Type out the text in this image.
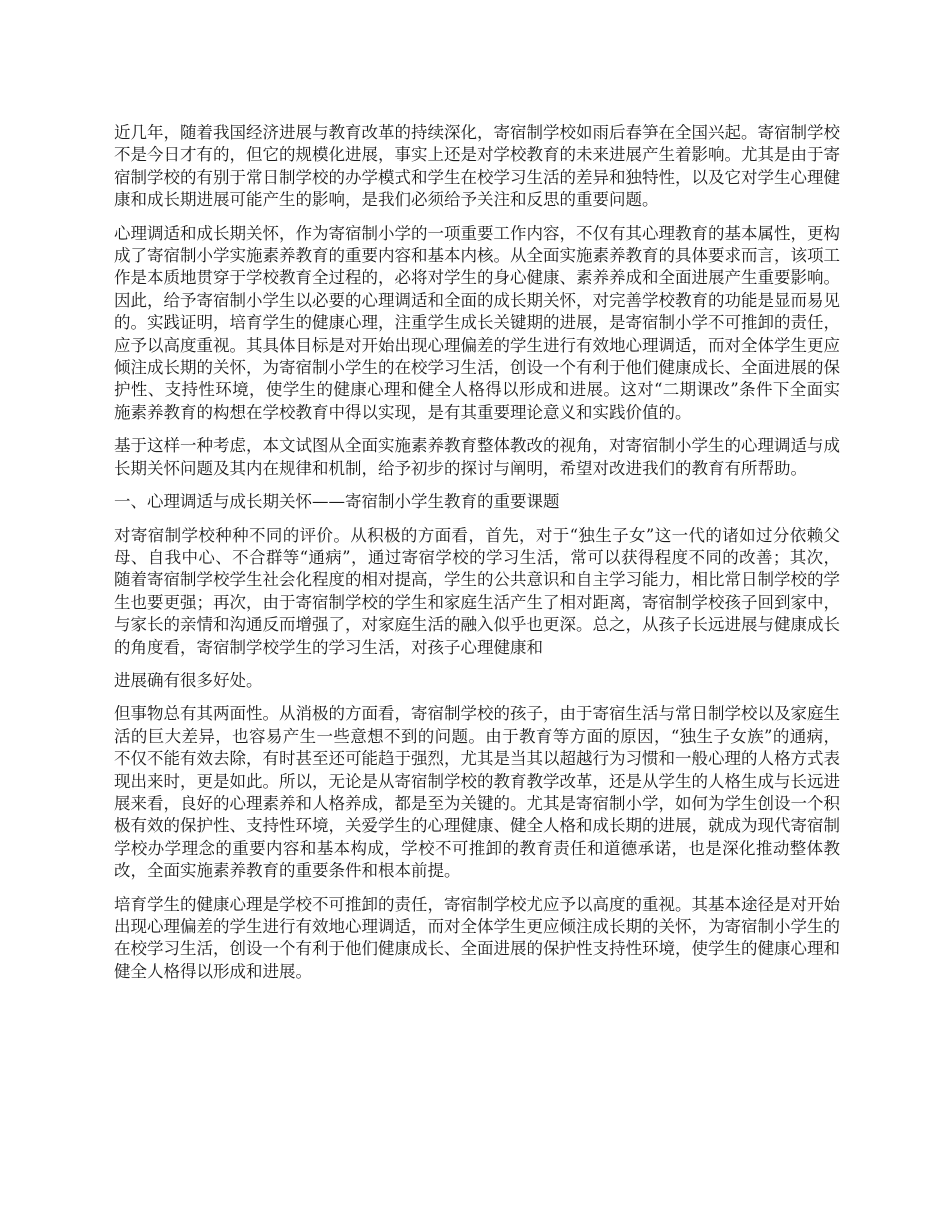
近几年，随着我国经济进展与教育改革的持续深化，寄宿制学校如雨后春笋在全国兴起。寄宿制学校不是今日才有的，但它的规模化进展，事实上还是对学校教育的未来进展产生着影响。尤其是由于寄宿制学校的有别于常日制学校的办学模式和学生在校学习生活的差异和独特性，以及它对学生心理健康和成长期进展可能产生的影响，是我们必须给予关注和反思的重要问题。

心理调适和成长期关怀，作为寄宿制小学的一项重要工作内容，不仅有其心理教育的基本属性，更构成了寄宿制小学实施素养教育的重要内容和基本内核。从全面实施素养教育的具体要求而言，该项工作是本质地贯穿于学校教育全过程的，必将对学生的身心健康、素养养成和全面进展产生重要影响。因此，给予寄宿制小学生以必要的心理调适和全面的成长期关怀，对完善学校教育的功能是显而易见的。实践证明，培育学生的健康心理，注重学生成长关键期的进展，是寄宿制小学不可推卸的责任，应予以高度重视。其具体目标是对开始出现心理偏差的学生进行有效地心理调适，而对全体学生更应倾注成长期的关怀，为寄宿制小学生的在校学习生活，创设一个有利于他们健康成长、全面进展的保护性、支持性环境，使学生的健康心理和健全人格得以形成和进展。这对“二期课改”条件下全面实施素养教育的构想在学校教育中得以实现，是有其重要理论意义和实践价值的。

基于这样一种考虑，本文试图从全面实施素养教育整体教改的视角，对寄宿制小学生的心理调适与成长期关怀问题及其内在规律和机制，给予初步的探讨与阐明，希望对改进我们的教育有所帮助。

一、心理调适与成长期关怀——寄宿制小学生教育的重要课题

对寄宿制学校种种不同的评价。从积极的方面看，首先，对于“独生子女”这一代的诸如过分依赖父母、自我中心、不合群等“通病”，通过寄宿学校的学习生活，常可以获得程度不同的改善；其次，随着寄宿制学校学生社会化程度的相对提高，学生的公共意识和自主学习能力，相比常日制学校的学生也要更强；再次，由于寄宿制学校的学生和家庭生活产生了相对距离，寄宿制学校孩子回到家中，与家长的亲情和沟通反而增强了，对家庭生活的融入似乎也更深。总之，从孩子长远进展与健康成长的角度看，寄宿制学校学生的学习生活，对孩子心理健康和

进展确有很多好处。

但事物总有其两面性。从消极的方面看，寄宿制学校的孩子，由于寄宿生活与常日制学校以及家庭生活的巨大差异，也容易产生一些意想不到的问题。由于教育等方面的原因，“独生子女族”的通病，不仅不能有效去除，有时甚至还可能趋于强烈，尤其是当其以超越行为习惯和一般心理的人格方式表现出来时，更是如此。所以，无论是从寄宿制学校的教育教学改革，还是从学生的人格生成与长远进展来看，良好的心理素养和人格养成，都是至为关键的。尤其是寄宿制小学，如何为学生创设一个积极有效的保护性、支持性环境，关爱学生的心理健康、健全人格和成长期的进展，就成为现代寄宿制学校办学理念的重要内容和基本构成，学校不可推卸的教育责任和道德承诺，也是深化推动整体教改，全面实施素养教育的重要条件和根本前提。

培育学生的健康心理是学校不可推卸的责任，寄宿制学校尤应予以高度的重视。其基本途径是对开始出现心理偏差的学生进行有效地心理调适，而对全体学生更应倾注成长期的关怀，为寄宿制小学生的在校学习生活，创设一个有利于他们健康成长、全面进展的保护性支持性环境，使学生的健康心理和健全人格得以形成和进展。
